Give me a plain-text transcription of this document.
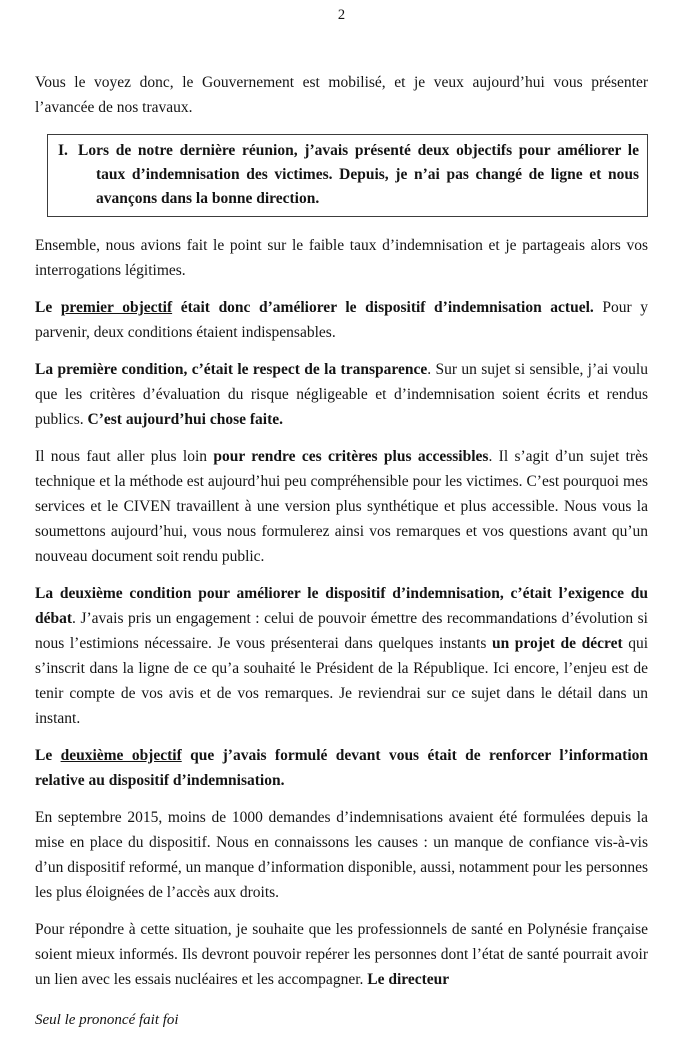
2

Vous le voyez donc, le Gouvernement est mobilisé, et je veux aujourd’hui vous présenter l’avancée de nos travaux.

I. Lors de notre dernière réunion, j’avais présenté deux objectifs pour améliorer le taux d’indemnisation des victimes. Depuis, je n’ai pas changé de ligne et nous avançons dans la bonne direction.

Ensemble, nous avions fait le point sur le faible taux d’indemnisation et je partageais alors vos interrogations légitimes.

Le premier objectif était donc d’améliorer le dispositif d’indemnisation actuel. Pour y parvenir, deux conditions étaient indispensables.

La première condition, c’était le respect de la transparence. Sur un sujet si sensible, j’ai voulu que les critères d’évaluation du risque négligeable et d’indemnisation soient écrits et rendus publics. C’est aujourd’hui chose faite.

Il nous faut aller plus loin pour rendre ces critères plus accessibles. Il s’agit d’un sujet très technique et la méthode est aujourd’hui peu compréhensible pour les victimes. C’est pourquoi mes services et le CIVEN travaillent à une version plus synthétique et plus accessible. Nous vous la soumettons aujourd’hui, vous nous formulerez ainsi vos remarques et vos questions avant qu’un nouveau document soit rendu public.

La deuxième condition pour améliorer le dispositif d’indemnisation, c’était l’exigence du débat. J’avais pris un engagement : celui de pouvoir émettre des recommandations d’évolution si nous l’estimions nécessaire. Je vous présenterai dans quelques instants un projet de décret qui s’inscrit dans la ligne de ce qu’a souhaité le Président de la République. Ici encore, l’enjeu est de tenir compte de vos avis et de vos remarques. Je reviendrai sur ce sujet dans le détail dans un instant.

Le deuxième objectif que j’avais formulé devant vous était de renforcer l’information relative au dispositif d’indemnisation.

En septembre 2015, moins de 1000 demandes d’indemnisations avaient été formulées depuis la mise en place du dispositif. Nous en connaissons les causes : un manque de confiance vis-à-vis d’un dispositif reformé, un manque d’information disponible, aussi, notamment pour les personnes les plus éloignées de l’accès aux droits.

Pour répondre à cette situation, je souhaite que les professionnels de santé en Polynésie française soient mieux informés. Ils devront pouvoir repérer les personnes dont l’état de santé pourrait avoir un lien avec les essais nucléaires et les accompagner. Le directeur

Seul le prononcé fait foi
